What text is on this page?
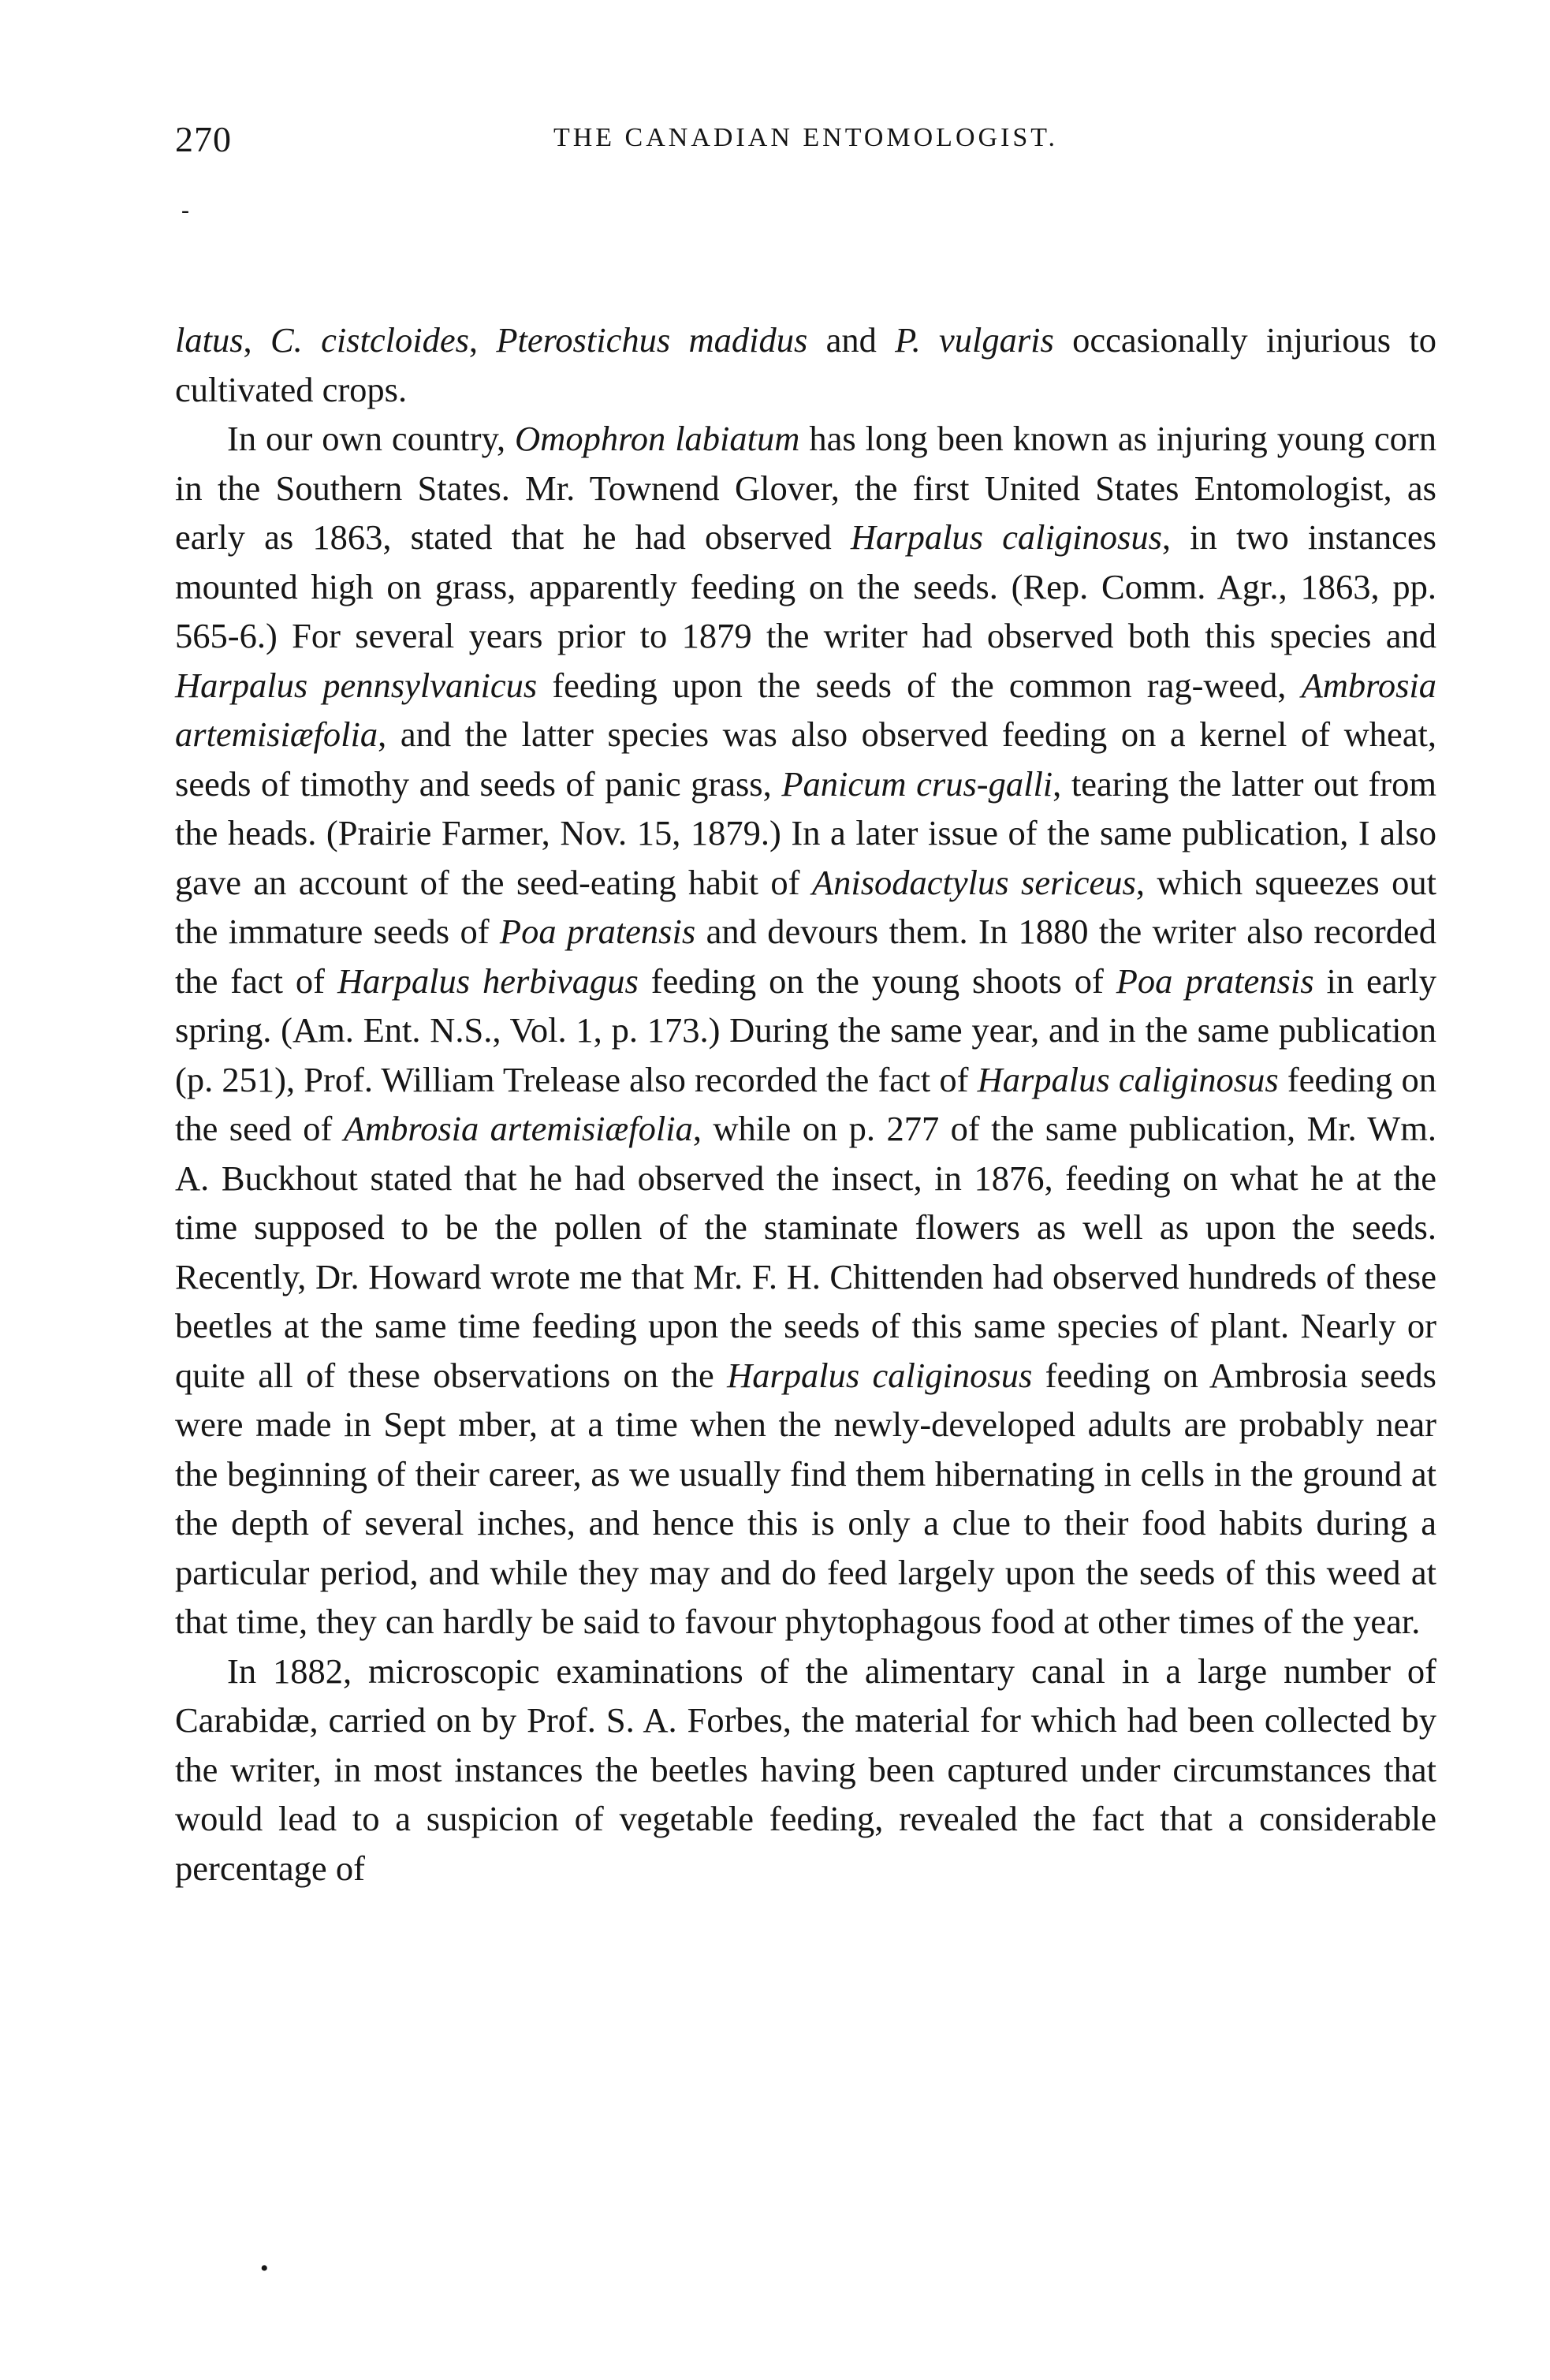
270	THE CANADIAN ENTOMOLOGIST.
-

latus, C. cistcloides, Pterostichus madidus and P. vulgaris occasionally injurious to cultivated crops.

In our own country, Omophron labiatum has long been known as injuring young corn in the Southern States. Mr. Townend Glover, the first United States Entomologist, as early as 1863, stated that he had observed Harpalus caliginosus, in two instances mounted high on grass, apparently feeding on the seeds. (Rep. Comm. Agr., 1863, pp. 565-6.) For several years prior to 1879 the writer had observed both this species and Harpalus pennsylvanicus feeding upon the seeds of the common rag-weed, Ambrosia artemisiæfolia, and the latter species was also observed feeding on a kernel of wheat, seeds of timothy and seeds of panic grass, Panicum crus-galli, tearing the latter out from the heads. (Prairie Farmer, Nov. 15, 1879.) In a later issue of the same publication, I also gave an account of the seed-eating habit of Anisodactylus sericeus, which squeezes out the immature seeds of Poa pratensis and devours them. In 1880 the writer also recorded the fact of Harpalus herbivagus feeding on the young shoots of Poa pratensis in early spring. (Am. Ent. N.S., Vol. 1, p. 173.) During the same year, and in the same publication (p. 251), Prof. William Trelease also recorded the fact of Harpalus caliginosus feeding on the seed of Ambrosia artemisiæfolia, while on p. 277 of the same publication, Mr. Wm. A. Buckhout stated that he had observed the insect, in 1876, feeding on what he at the time supposed to be the pollen of the staminate flowers as well as upon the seeds. Recently, Dr. Howard wrote me that Mr. F. H. Chittenden had observed hundreds of these beetles at the same time feeding upon the seeds of this same species of plant. Nearly or quite all of these observations on the Harpalus caliginosus feeding on Ambrosia seeds were made in Sept mber, at a time when the newly-developed adults are probably near the beginning of their career, as we usually find them hibernating in cells in the ground at the depth of several inches, and hence this is only a clue to their food habits during a particular period, and while they may and do feed largely upon the seeds of this weed at that time, they can hardly be said to favour phytophagous food at other times of the year.

In 1882, microscopic examinations of the alimentary canal in a large number of Carabidæ, carried on by Prof. S. A. Forbes, the material for which had been collected by the writer, in most instances the beetles having been captured under circumstances that would lead to a suspicion of vegetable feeding, revealed the fact that a considerable percentage of

•
